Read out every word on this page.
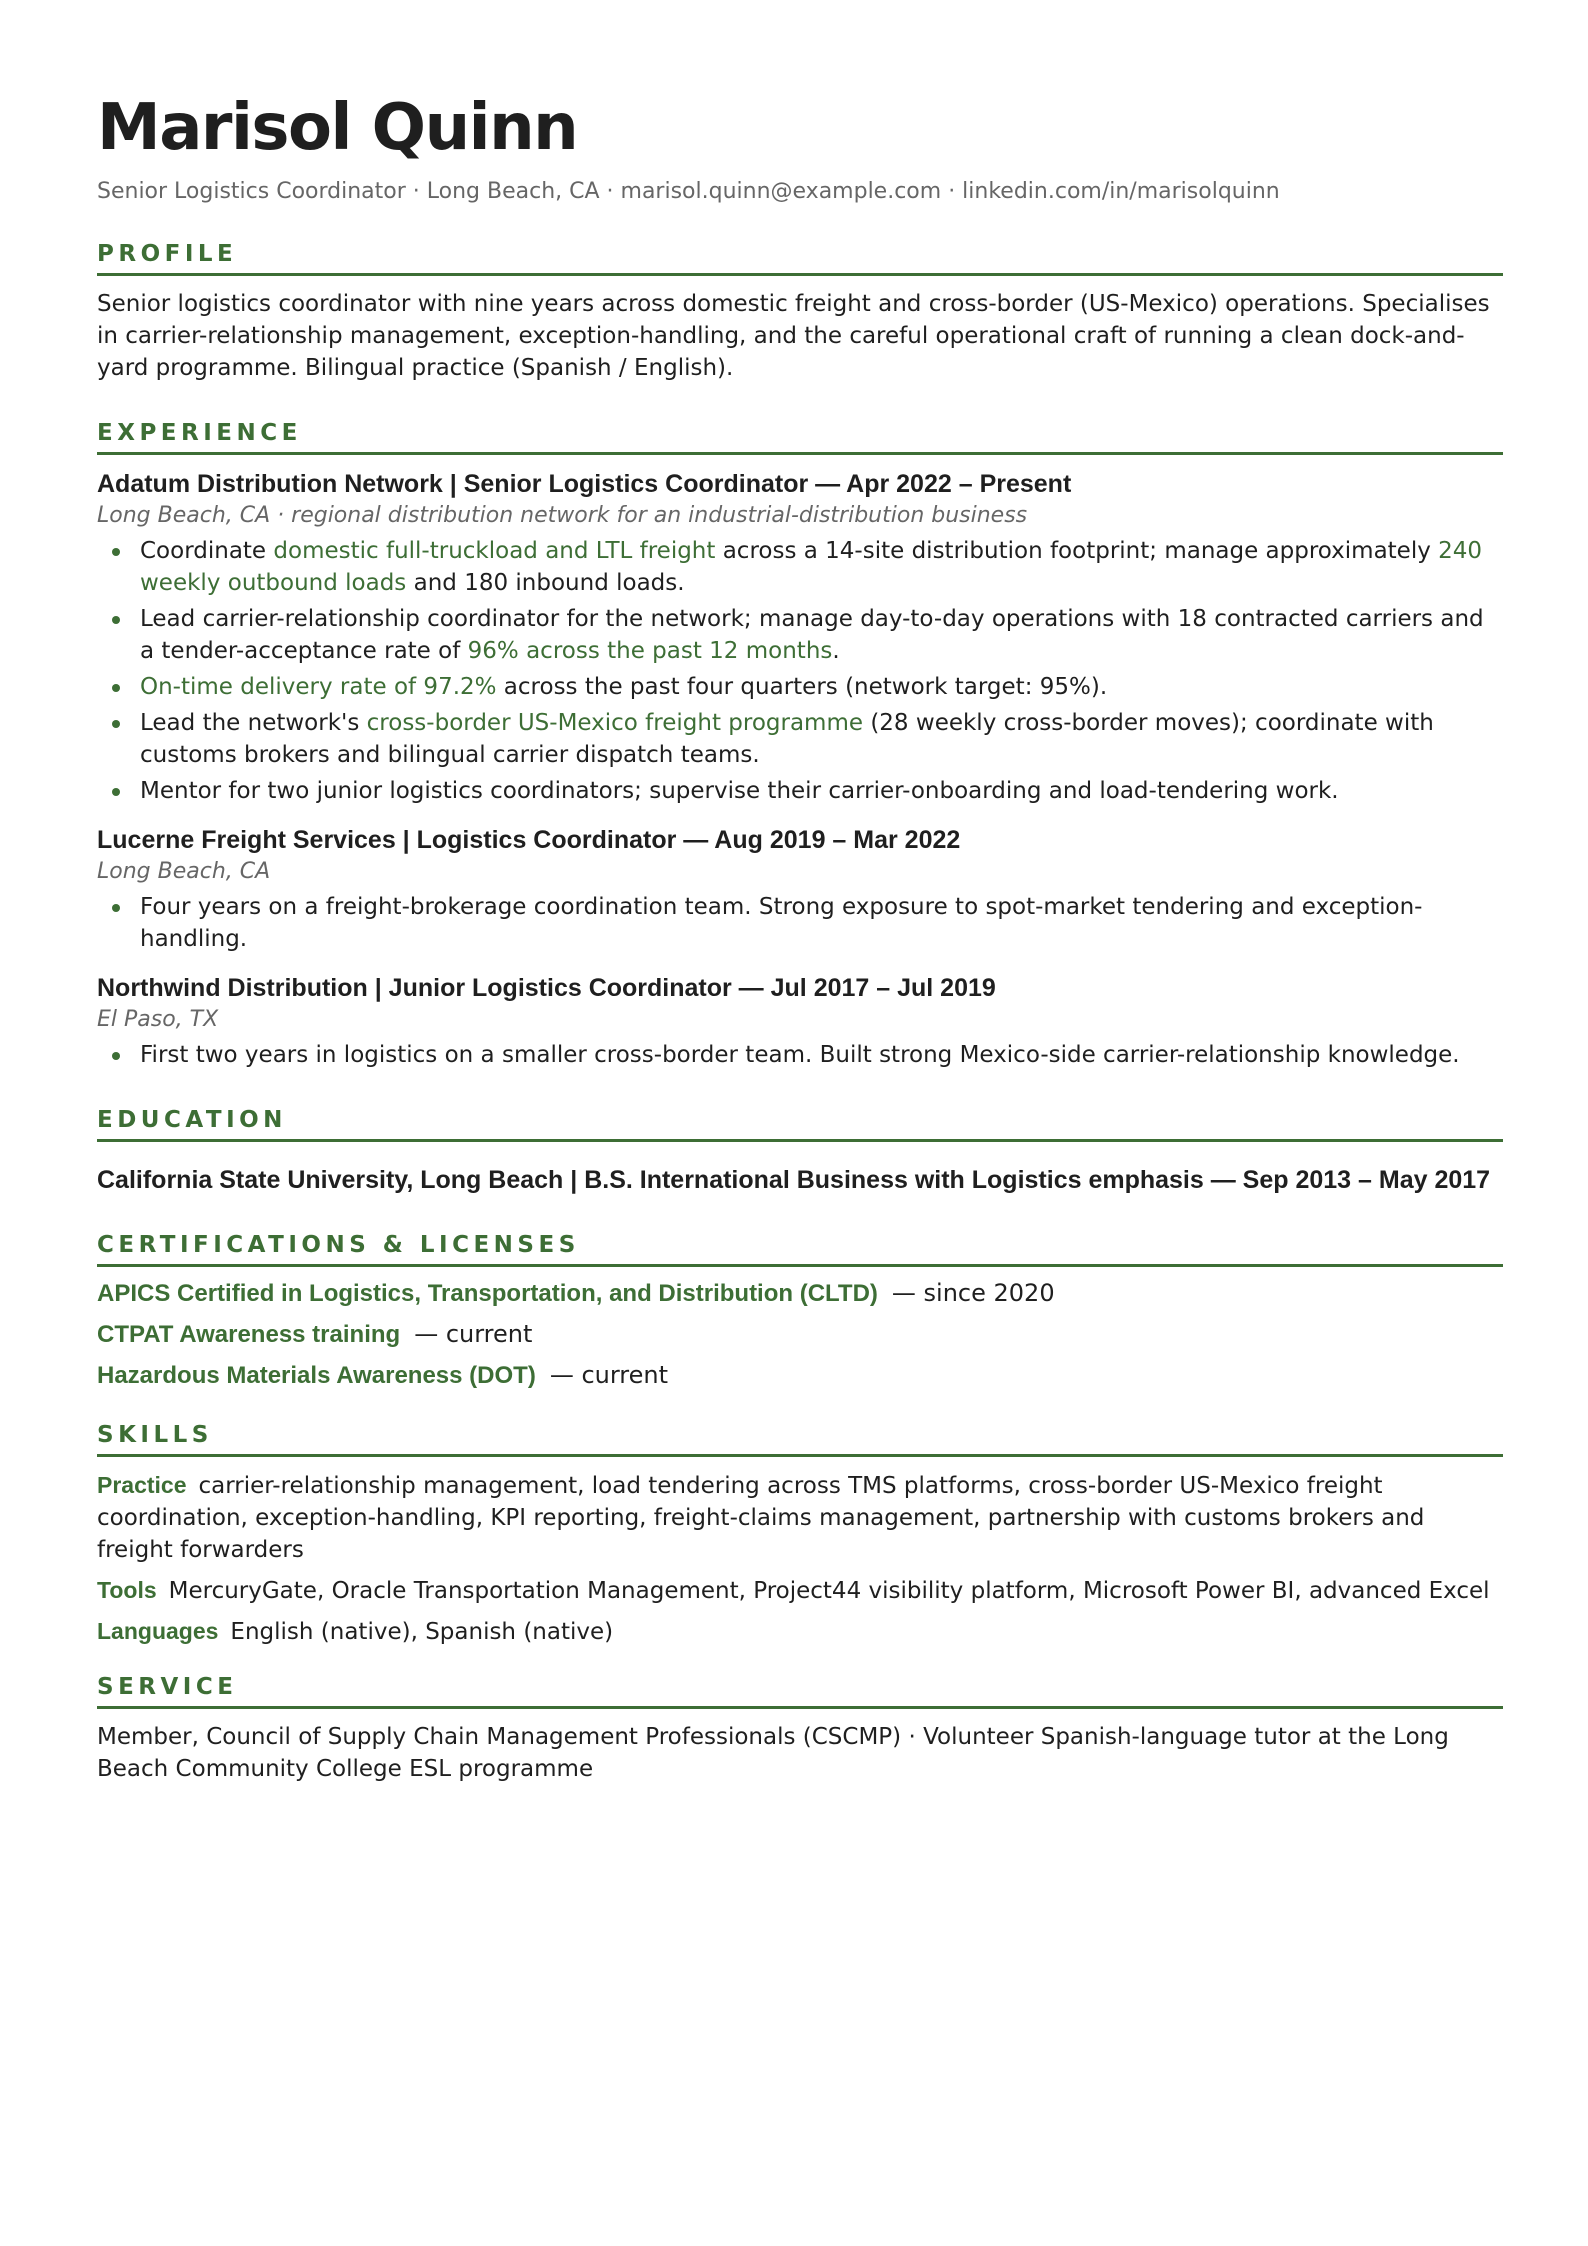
Marisol Quinn
Senior Logistics Coordinator · Long Beach, CA · marisol.quinn@example.com · linkedin.com/in/marisolquinn
PROFILE
Senior logistics coordinator with nine years across domestic freight and cross-border (US-Mexico) operations. Specialises in carrier-relationship management, exception-handling, and the careful operational craft of running a clean dock-and-yard programme. Bilingual practice (Spanish / English).
EXPERIENCE
Adatum Distribution Network | Senior Logistics Coordinator — Apr 2022 – Present
Long Beach, CA · regional distribution network for an industrial-distribution business
Coordinate domestic full-truckload and LTL freight across a 14-site distribution footprint; manage approximately 240 weekly outbound loads and 180 inbound loads.
Lead carrier-relationship coordinator for the network; manage day-to-day operations with 18 contracted carriers and a tender-acceptance rate of 96% across the past 12 months.
On-time delivery rate of 97.2% across the past four quarters (network target: 95%).
Lead the network's cross-border US-Mexico freight programme (28 weekly cross-border moves); coordinate with customs brokers and bilingual carrier dispatch teams.
Mentor for two junior logistics coordinators; supervise their carrier-onboarding and load-tendering work.
Lucerne Freight Services | Logistics Coordinator — Aug 2019 – Mar 2022
Long Beach, CA
Four years on a freight-brokerage coordination team. Strong exposure to spot-market tendering and exception-handling.
Northwind Distribution | Junior Logistics Coordinator — Jul 2017 – Jul 2019
El Paso, TX
First two years in logistics on a smaller cross-border team. Built strong Mexico-side carrier-relationship knowledge.
EDUCATION
California State University, Long Beach | B.S. International Business with Logistics emphasis — Sep 2013 – May 2017
CERTIFICATIONS & LICENSES
APICS Certified in Logistics, Transportation, and Distribution (CLTD) — since 2020
CTPAT Awareness training — current
Hazardous Materials Awareness (DOT) — current
SKILLS
Practice carrier-relationship management, load tendering across TMS platforms, cross-border US-Mexico freight coordination, exception-handling, KPI reporting, freight-claims management, partnership with customs brokers and freight forwarders
Tools MercuryGate, Oracle Transportation Management, Project44 visibility platform, Microsoft Power BI, advanced Excel
Languages English (native), Spanish (native)
SERVICE
Member, Council of Supply Chain Management Professionals (CSCMP) · Volunteer Spanish-language tutor at the Long Beach Community College ESL programme
